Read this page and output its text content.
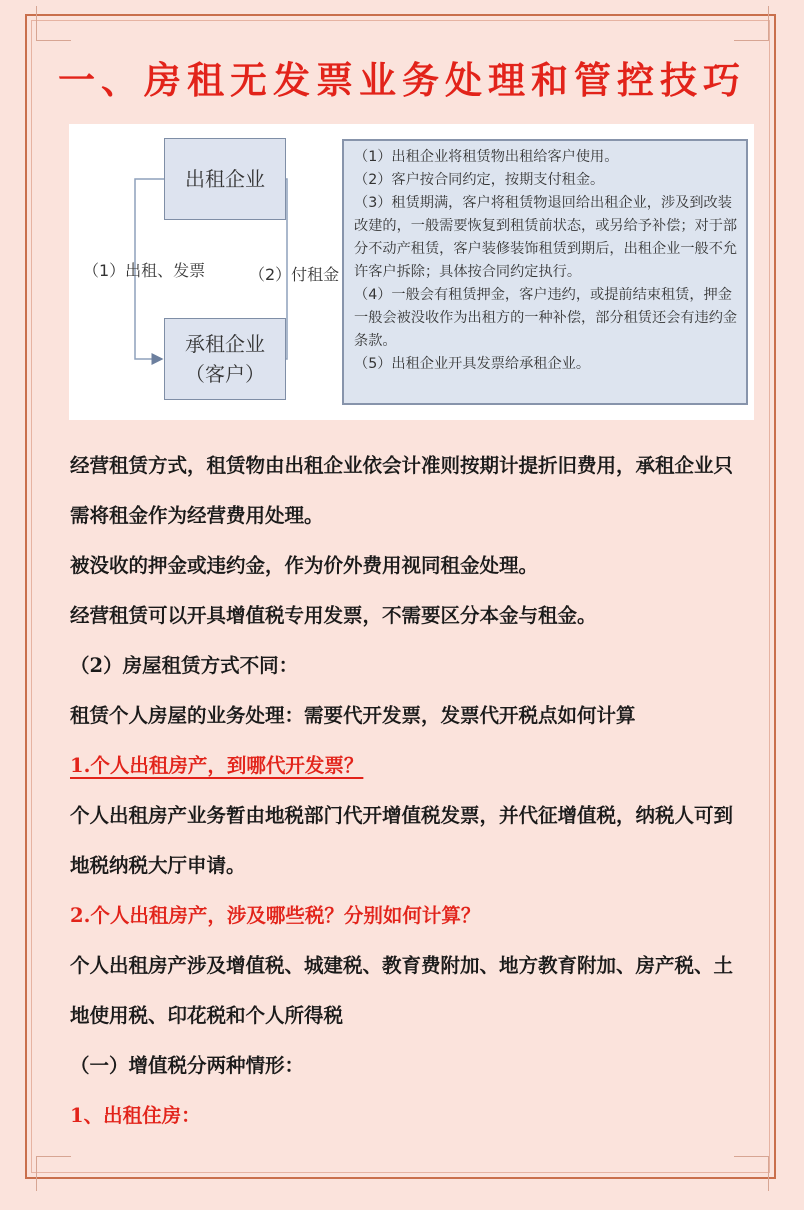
一、房租无发票业务处理和管控技巧
出租企业
承租企业
（客户）
（1）出租、发票	（2）付租金

（1）出租企业将租赁物出租给客户使用。

（2）客户按合同约定，按期支付租金。

（3）租赁期满，客户将租赁物退回给出租企业，涉及到改装改建的，一般需要恢复到租赁前状态，或另给予补偿；对于部分不动产租赁，客户装修装饰租赁到期后，出租企业一般不允许客户拆除；具体按合同约定执行。

（4）一般会有租赁押金，客户违约，或提前结束租赁，押金一般会被没收作为出租方的一种补偿，部分租赁还会有违约金条款。

（5）出租企业开具发票给承租企业。

经营租赁方式，租赁物由出租企业依会计准则按期计提折旧费用，承租企业只需将租金作为经营费用处理。

被没收的押金或违约金，作为价外费用视同租金处理。

经营租赁可以开具增值税专用发票，不需要区分本金与租金。

（2）房屋租赁方式不同：

租赁个人房屋的业务处理：需要代开发票，发票代开税点如何计算

1.个人出租房产，到哪代开发票？

个人出租房产业务暂由地税部门代开增值税发票，并代征增值税，纳税人可到地税纳税大厅申请。

2.个人出租房产，涉及哪些税？分别如何计算？

个人出租房产涉及增值税、城建税、教育费附加、地方教育附加、房产税、土地使用税、印花税和个人所得税

（一）增值税分两种情形：

1、出租住房：
